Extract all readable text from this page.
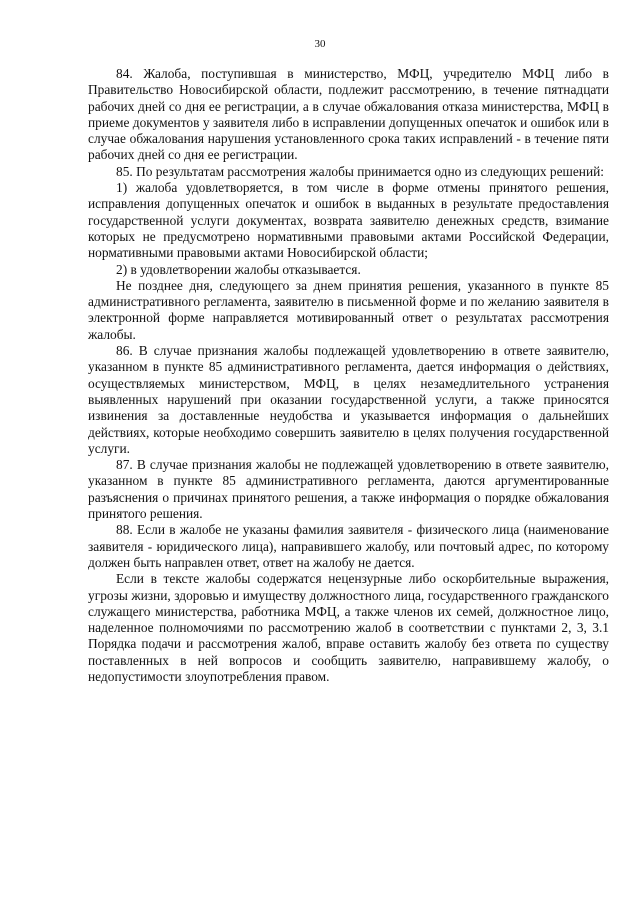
30

84. Жалоба, поступившая в министерство, МФЦ, учредителю МФЦ либо в Правительство Новосибирской области, подлежит рассмотрению, в течение пятнадцати рабочих дней со дня ее регистрации, а в случае обжалования отказа министерства, МФЦ в приеме документов у заявителя либо в исправлении допущенных опечаток и ошибок или в случае обжалования нарушения установленного срока таких исправлений - в течение пяти рабочих дней со дня ее регистрации.

85. По результатам рассмотрения жалобы принимается одно из следующих решений:

1) жалоба удовлетворяется, в том числе в форме отмены принятого решения, исправления допущенных опечаток и ошибок в выданных в результате предоставления государственной услуги документах, возврата заявителю денежных средств, взимание которых не предусмотрено нормативными правовыми актами Российской Федерации, нормативными правовыми актами Новосибирской области;

2) в удовлетворении жалобы отказывается.

Не позднее дня, следующего за днем принятия решения, указанного в пункте 85 административного регламента, заявителю в письменной форме и по желанию заявителя в электронной форме направляется мотивированный ответ о результатах рассмотрения жалобы.

86. В случае признания жалобы подлежащей удовлетворению в ответе заявителю, указанном в пункте 85 административного регламента, дается информация о действиях, осуществляемых министерством, МФЦ, в целях незамедлительного устранения выявленных нарушений при оказании государственной услуги, а также приносятся извинения за доставленные неудобства и указывается информация о дальнейших действиях, которые необходимо совершить заявителю в целях получения государственной услуги.

87. В случае признания жалобы не подлежащей удовлетворению в ответе заявителю, указанном в пункте 85 административного регламента, даются аргументированные разъяснения о причинах принятого решения, а также информация о порядке обжалования принятого решения.

88. Если в жалобе не указаны фамилия заявителя - физического лица (наименование заявителя - юридического лица), направившего жалобу, или почтовый адрес, по которому должен быть направлен ответ, ответ на жалобу не дается.

Если в тексте жалобы содержатся нецензурные либо оскорбительные выражения, угрозы жизни, здоровью и имуществу должностного лица, государственного гражданского служащего министерства, работника МФЦ, а также членов их семей, должностное лицо, наделенное полномочиями по рассмотрению жалоб в соответствии с пунктами 2, 3, 3.1 Порядка подачи и рассмотрения жалоб, вправе оставить жалобу без ответа по существу поставленных в ней вопросов и сообщить заявителю, направившему жалобу, о недопустимости злоупотребления правом.
